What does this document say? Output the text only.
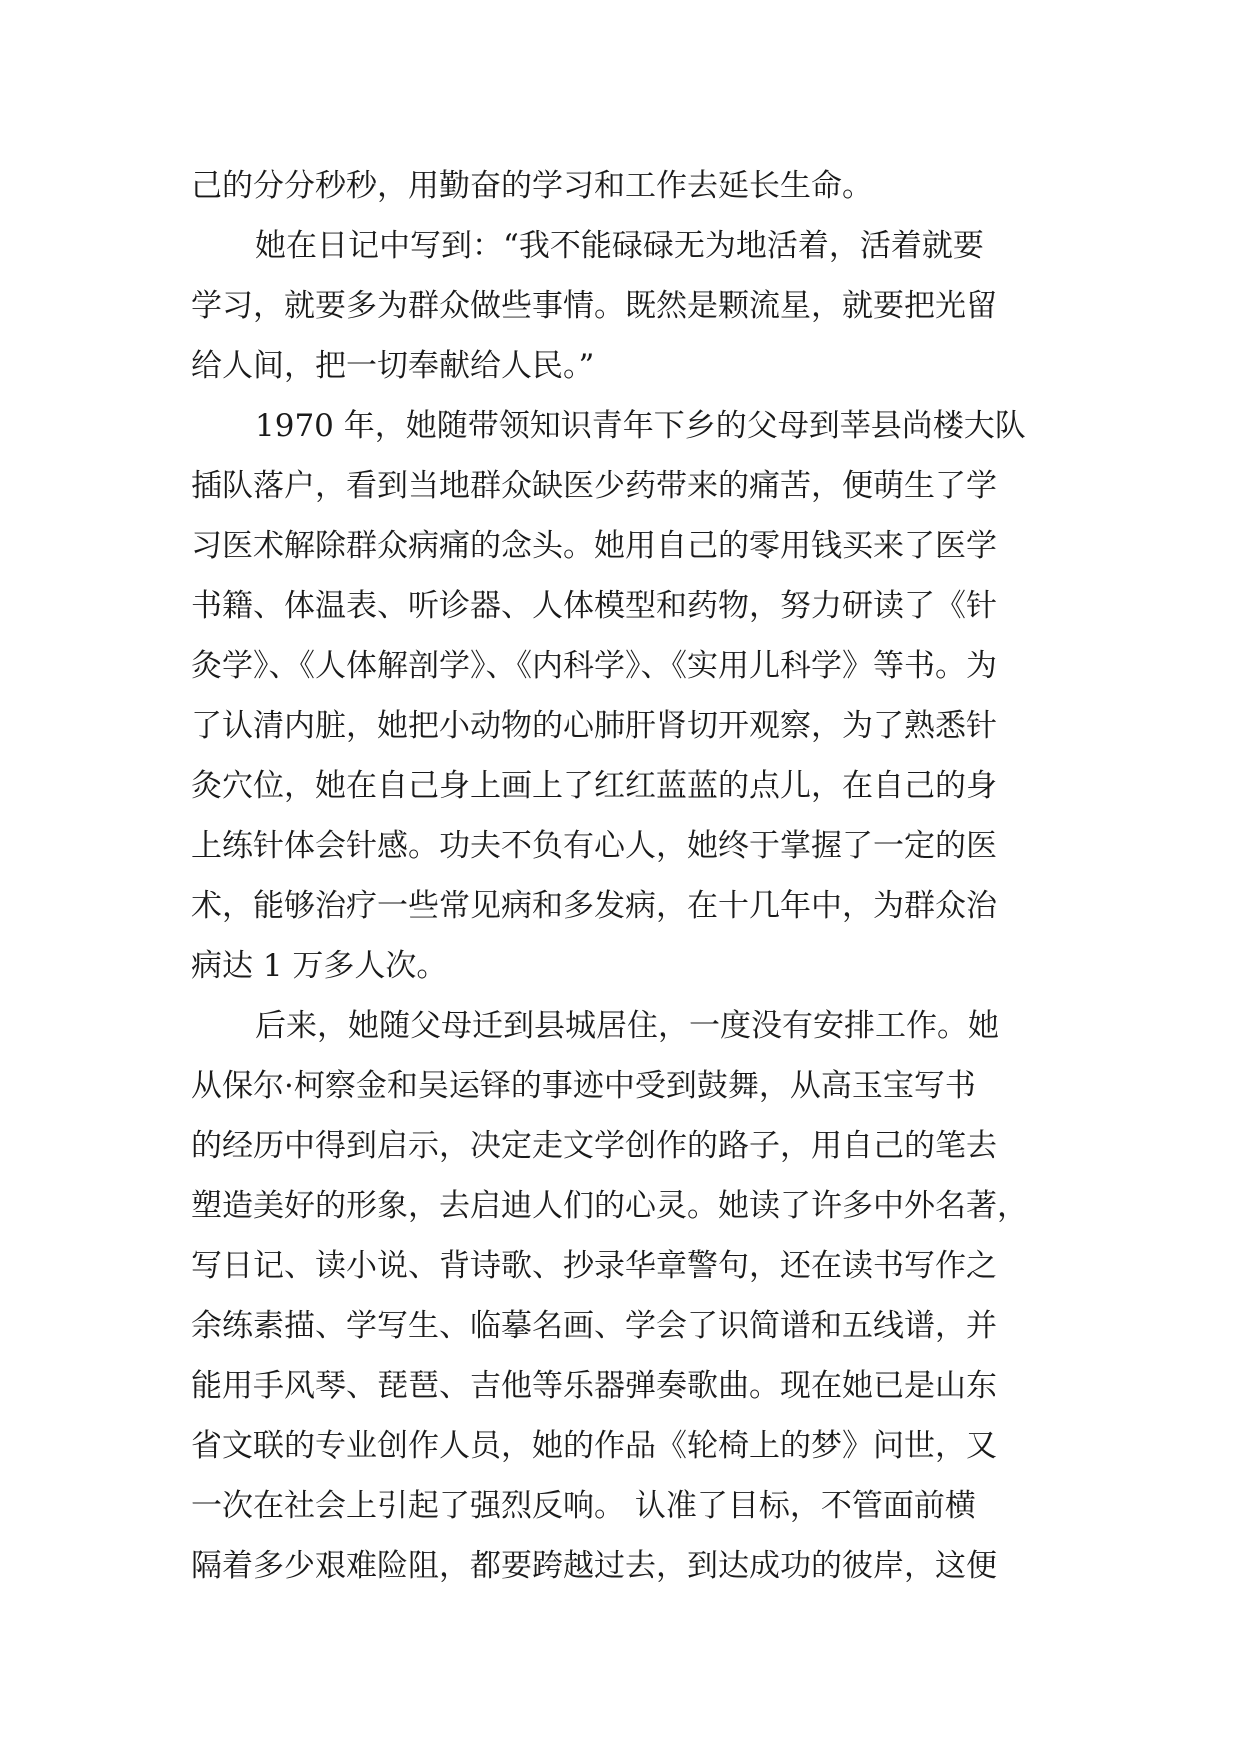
己的分分秒秒，用勤奋的学习和工作去延长生命。
她在日记中写到：“我不能碌碌无为地活着，活着就要
学习，就要多为群众做些事情。既然是颗流星，就要把光留
给人间，把一切奉献给人民。”
1970 年，她随带领知识青年下乡的父母到莘县尚楼大队
插队落户，看到当地群众缺医少药带来的痛苦，便萌生了学
习医术解除群众病痛的念头。她用自己的零用钱买来了医学
书籍、体温表、听诊器、人体模型和药物，努力研读了《针
灸学》、《人体解剖学》、《内科学》、《实用儿科学》等书。为
了认清内脏，她把小动物的心肺肝肾切开观察，为了熟悉针
灸穴位，她在自己身上画上了红红蓝蓝的点儿，在自己的身
上练针体会针感。功夫不负有心人，她终于掌握了一定的医
术，能够治疗一些常见病和多发病，在十几年中，为群众治
病达 1 万多人次。
后来，她随父母迁到县城居住，一度没有安排工作。她
从保尔·柯察金和吴运铎的事迹中受到鼓舞，从高玉宝写书
的经历中得到启示，决定走文学创作的路子，用自己的笔去
塑造美好的形象，去启迪人们的心灵。她读了许多中外名著，
写日记、读小说、背诗歌、抄录华章警句，还在读书写作之
余练素描、学写生、临摹名画、学会了识简谱和五线谱，并
能用手风琴、琵琶、吉他等乐器弹奏歌曲。现在她已是山东
省文联的专业创作人员，她的作品《轮椅上的梦》问世，又
一次在社会上引起了强烈反响。 认准了目标，不管面前横
隔着多少艰难险阻，都要跨越过去，到达成功的彼岸，这便
